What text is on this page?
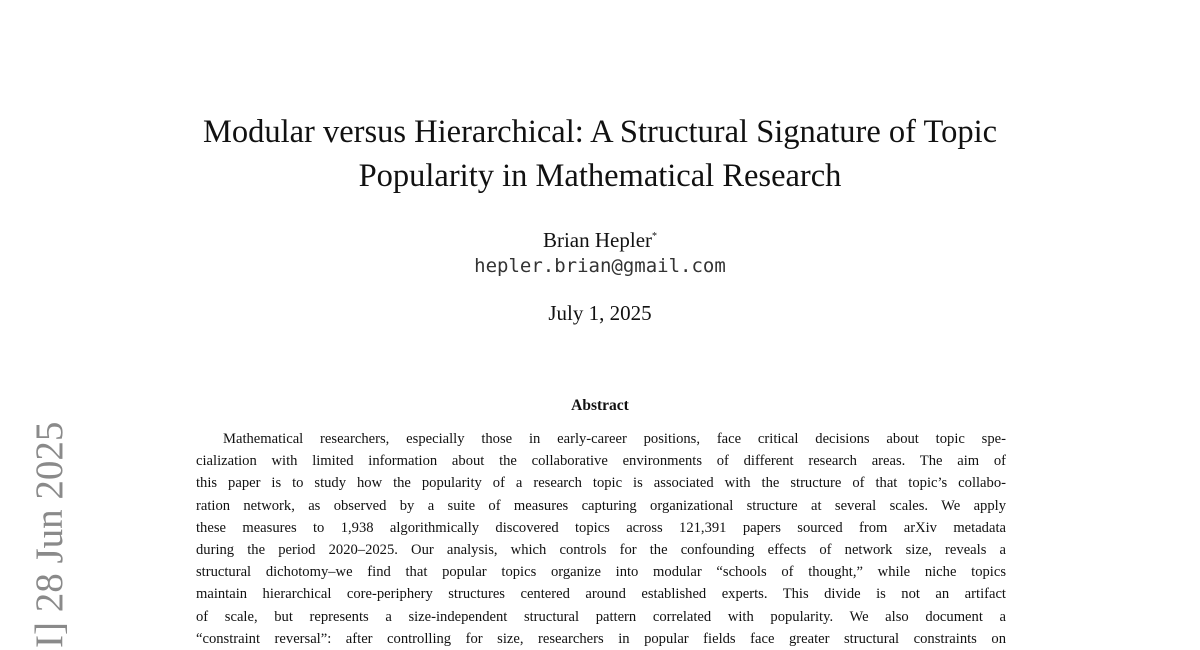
Modular versus Hierarchical: A Structural Signature of Topic
Popularity in Mathematical Research
Brian Hepler*
hepler.brian@gmail.com
July 1, 2025
Abstract
Mathematical researchers, especially those in early-career positions, face critical decisions about topic spe-
cialization with limited information about the collaborative environments of different research areas. The aim of
this paper is to study how the popularity of a research topic is associated with the structure of that topic’s collabo-
ration network, as observed by a suite of measures capturing organizational structure at several scales. We apply
these measures to 1,938 algorithmically discovered topics across 121,391 papers sourced from arXiv metadata
during the period 2020–2025. Our analysis, which controls for the confounding effects of network size, reveals a
structural dichotomy–we find that popular topics organize into modular “schools of thought,” while niche topics
maintain hierarchical core-periphery structures centered around established experts. This divide is not an artifact
of scale, but represents a size-independent structural pattern correlated with popularity. We also document a
“constraint reversal”: after controlling for size, researchers in popular fields face greater structural constraints on
I] 28 Jun 2025
